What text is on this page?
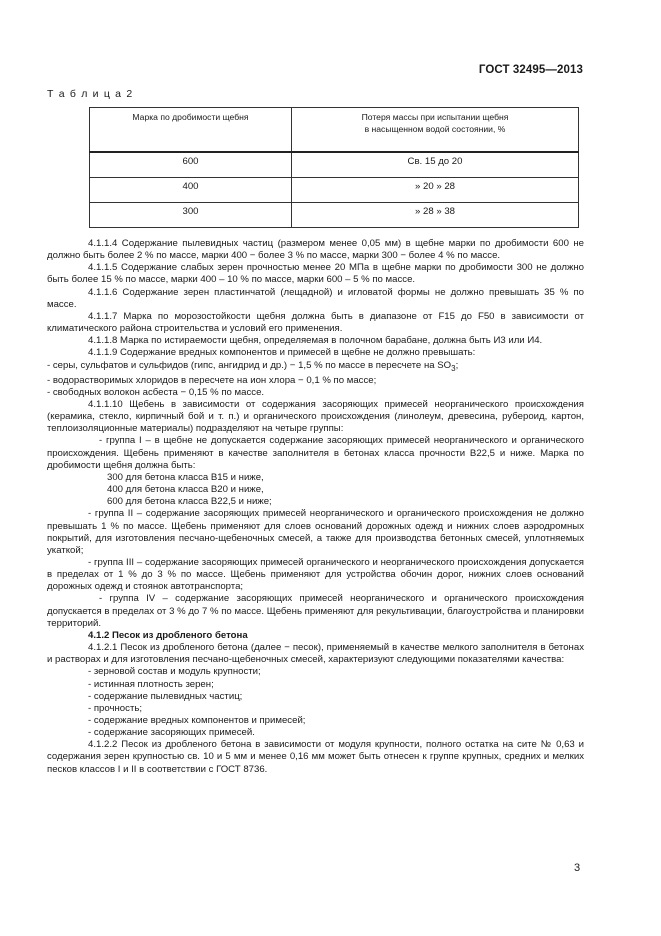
ГОСТ 32495—2013
Т а б л и ц а 2
Марка по дробимости щебня	Потеря массы при испытании щебня
в насыщенном водой состоянии, %
600	Св. 15 до 20
400	» 20 » 28
300	» 28 » 38

4.1.1.4 Содержание пылевидных частиц (размером менее 0,05 мм) в щебне марки по дробимости 600 не должно быть более 2 % по массе, марки 400 − более 3 % по массе, марки 300 − более 4 % по массе.

4.1.1.5 Содержание слабых зерен прочностью менее 20 МПа в щебне марки по дробимости 300 не должно быть более 15 % по массе, марки 400 – 10 % по массе, марки 600 – 5 % по массе.

4.1.1.6 Содержание зерен пластинчатой (лещадной) и игловатой формы не должно превышать 35 % по массе.

4.1.1.7 Марка по морозостойкости щебня должна быть в диапазоне от F15 до F50 в зависимости от климатического района строительства и условий его применения.

4.1.1.8 Марка по истираемости щебня, определяемая в полочном барабане, должна быть И3 или И4.

4.1.1.9 Содержание вредных компонентов и примесей в щебне не должно превышать:

- серы, сульфатов и сульфидов (гипс, ангидрид и др.) − 1,5 % по массе в пересчете на $SO_3$;

- водорастворимых хлоридов в пересчете на ион хлора − 0,1 % по массе;

- свободных волокон асбеста − 0,15 % по массе.

4.1.1.10 Щебень в зависимости от содержания засоряющих примесей неорганического происхождения (керамика, стекло, кирпичный бой и т. п.) и органического происхождения (линолеум, древесина, рубероид, картон, теплоизоляционные материалы) подразделяют на четыре группы:

- группа I – в щебне не допускается содержание засоряющих примесей неорганического и органического происхождения. Щебень применяют в качестве заполнителя в бетонах класса прочности B22,5 и ниже. Марка по дробимости щебня должна быть:

300 для бетона класса B15 и ниже,

400 для бетона класса B20 и ниже,

600 для бетона класса B22,5 и ниже;

- группа II – содержание засоряющих примесей неорганического и органического происхождения не должно превышать 1 % по массе. Щебень применяют для слоев оснований дорожных одежд и нижних слоев аэродромных покрытий, для изготовления песчано-щебеночных смесей, а также для производства бетонных смесей, уплотняемых укаткой;

- группа III – содержание засоряющих примесей органического и неорганического происхождения допускается в пределах от 1 % до 3 % по массе. Щебень применяют для устройства обочин дорог, нижних слоев оснований дорожных одежд и стоянок автотранспорта;

- группа IV – содержание засоряющих примесей неорганического и органического происхождения допускается в пределах от 3 % до 7 % по массе. Щебень применяют для рекультивации, благоустройства и планировки территорий.

4.1.2 Песок из дробленого бетона

4.1.2.1 Песок из дробленого бетона (далее − песок), применяемый в качестве мелкого заполнителя в бетонах и растворах и для изготовления песчано-щебеночных смесей, характеризуют следующими показателями качества:

- зерновой состав и модуль крупности;

- истинная плотность зерен;

- содержание пылевидных частиц;

- прочность;

- содержание вредных компонентов и примесей;

- содержание засоряющих примесей.

4.1.2.2 Песок из дробленого бетона в зависимости от модуля крупности, полного остатка на сите № 0,63 и содержания зерен крупностью св. 10 и 5 мм и менее 0,16 мм может быть отнесен к группе крупных, средних и мелких песков классов I и II в соответствии с ГОСТ 8736.

3
